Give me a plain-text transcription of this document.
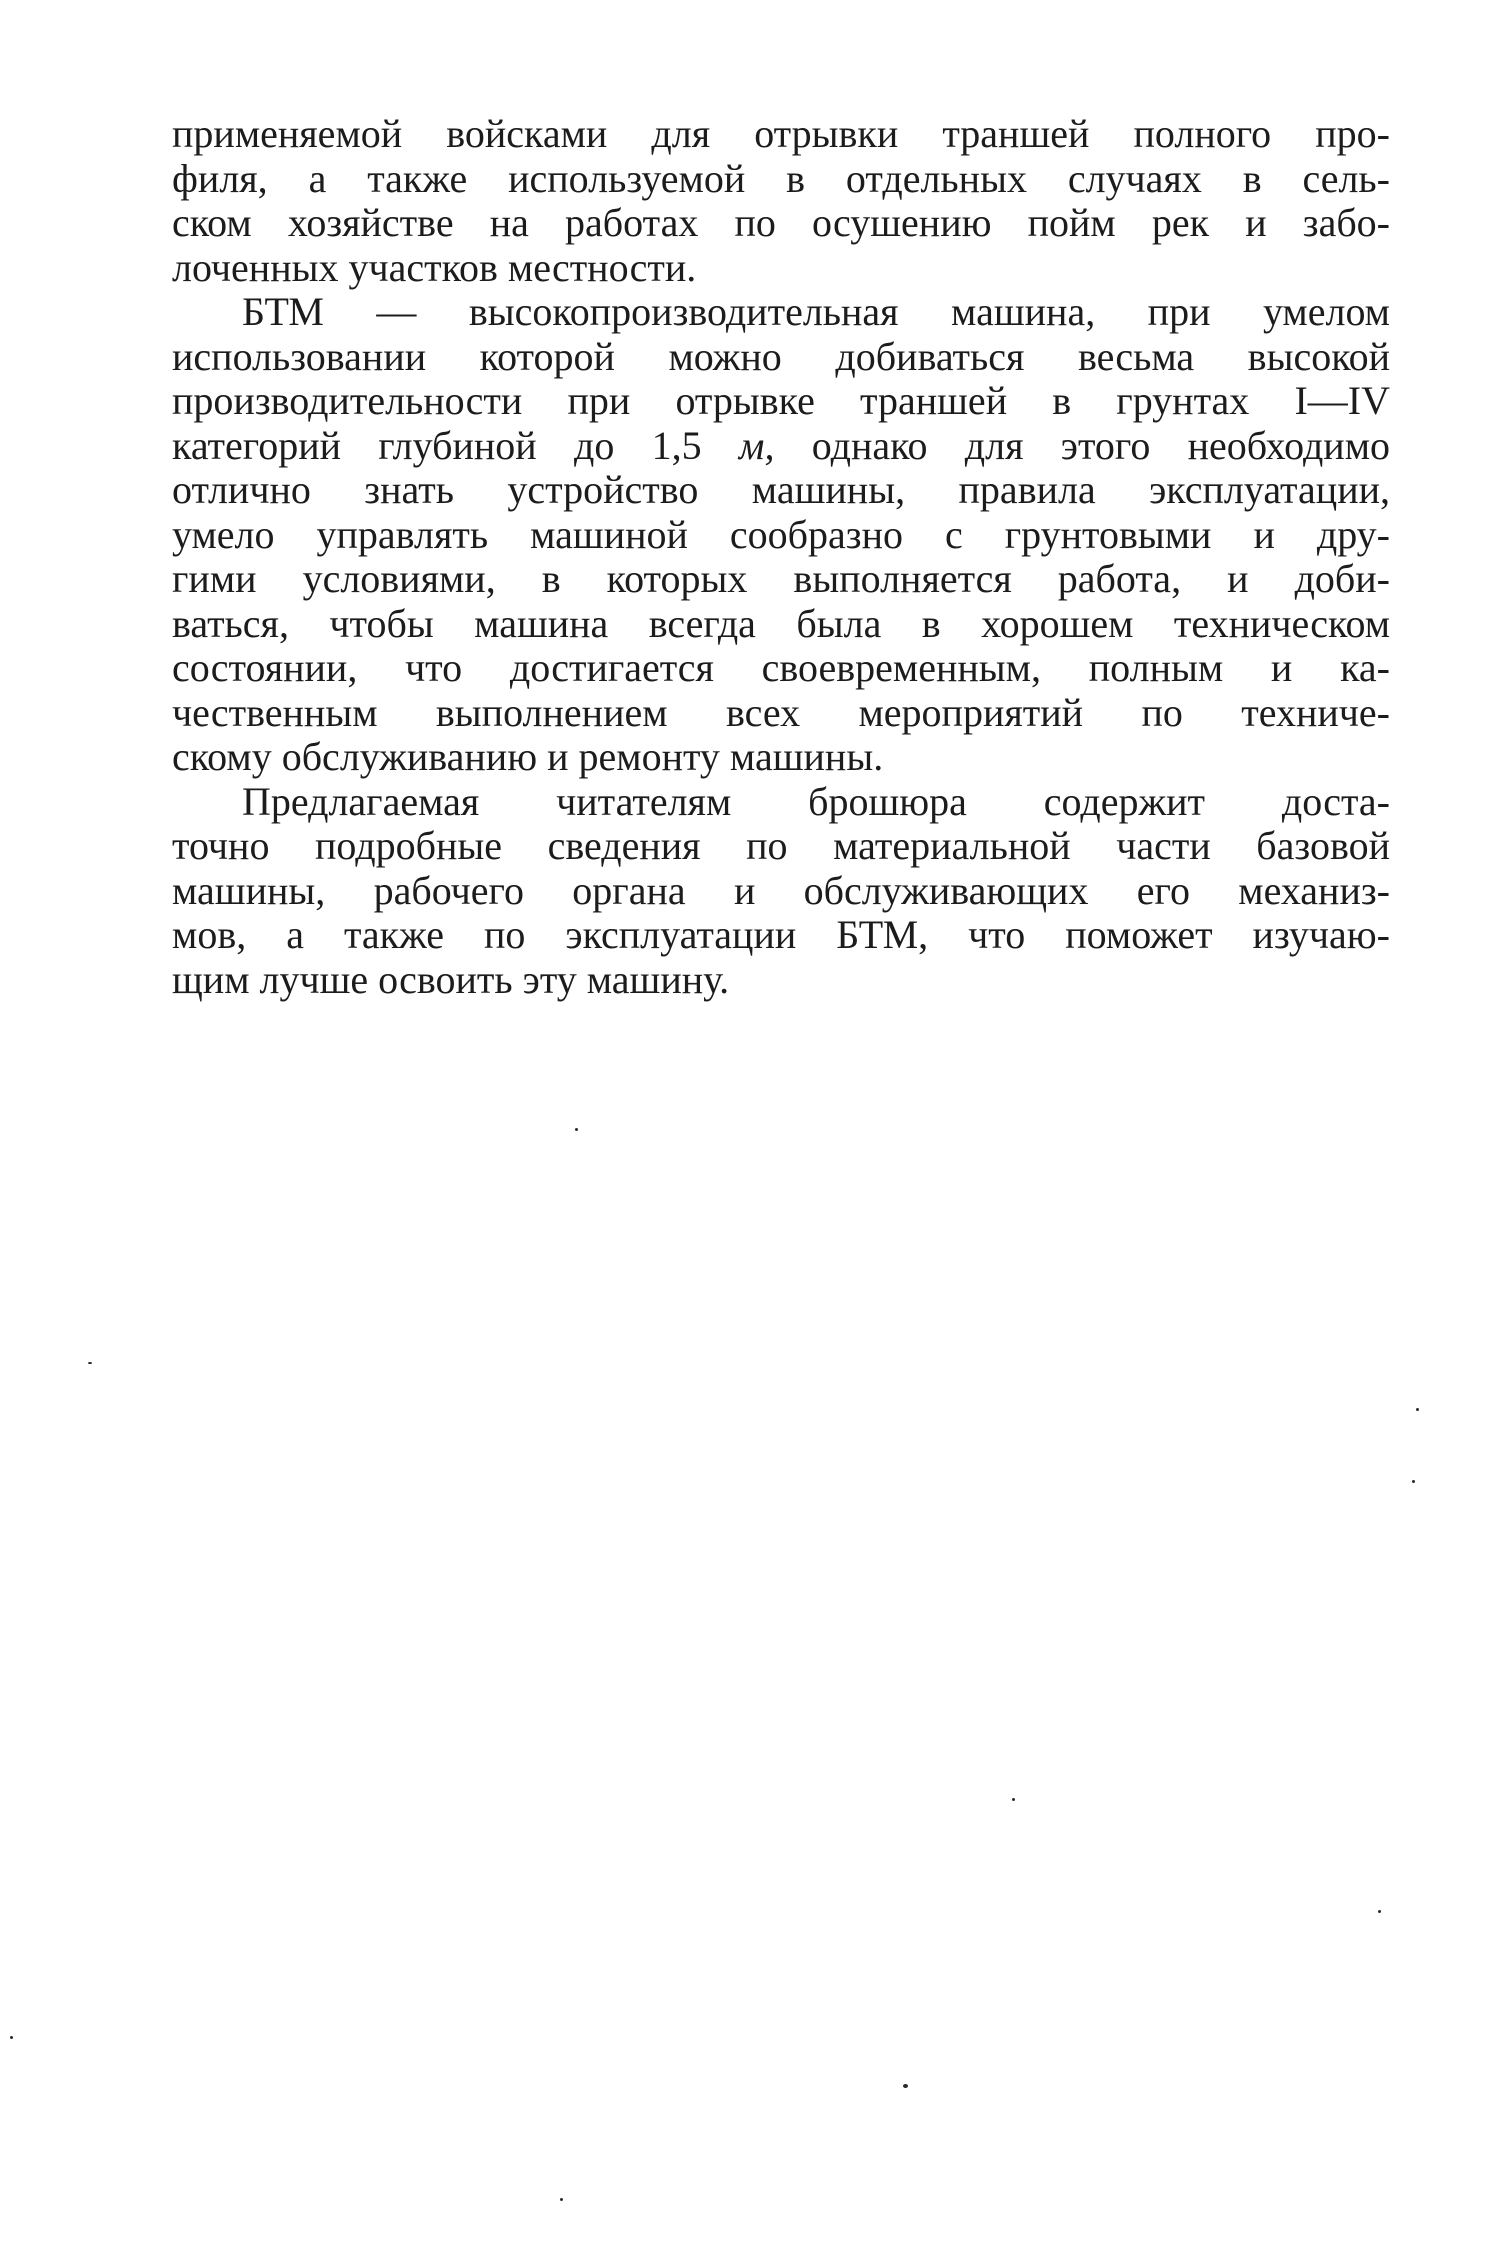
применяемой войсками для отрывки траншей полного про-
филя, а также используемой в отдельных случаях в сель-
ском хозяйстве на работах по осушению пойм рек и забо-
лоченных участков местности.
БТМ — высокопроизводительная машина, при умелом
использовании которой можно добиваться весьма высокой
производительности при отрывке траншей в грунтах I—IV
категорий глубиной до 1,5 м, однако для этого необходимо
отлично знать устройство машины, правила эксплуатации,
умело управлять машиной сообразно с грунтовыми и дру-
гими условиями, в которых выполняется работа, и доби-
ваться, чтобы машина всегда была в хорошем техническом
состоянии, что достигается своевременным, полным и ка-
чественным выполнением всех мероприятий по техниче-
скому обслуживанию и ремонту машины.
Предлагаемая читателям брошюра содержит доста-
точно подробные сведения по материальной части базовой
машины, рабочего органа и обслуживающих его механиз-
мов, а также по эксплуатации БТМ, что поможет изучаю-
щим лучше освоить эту машину.
